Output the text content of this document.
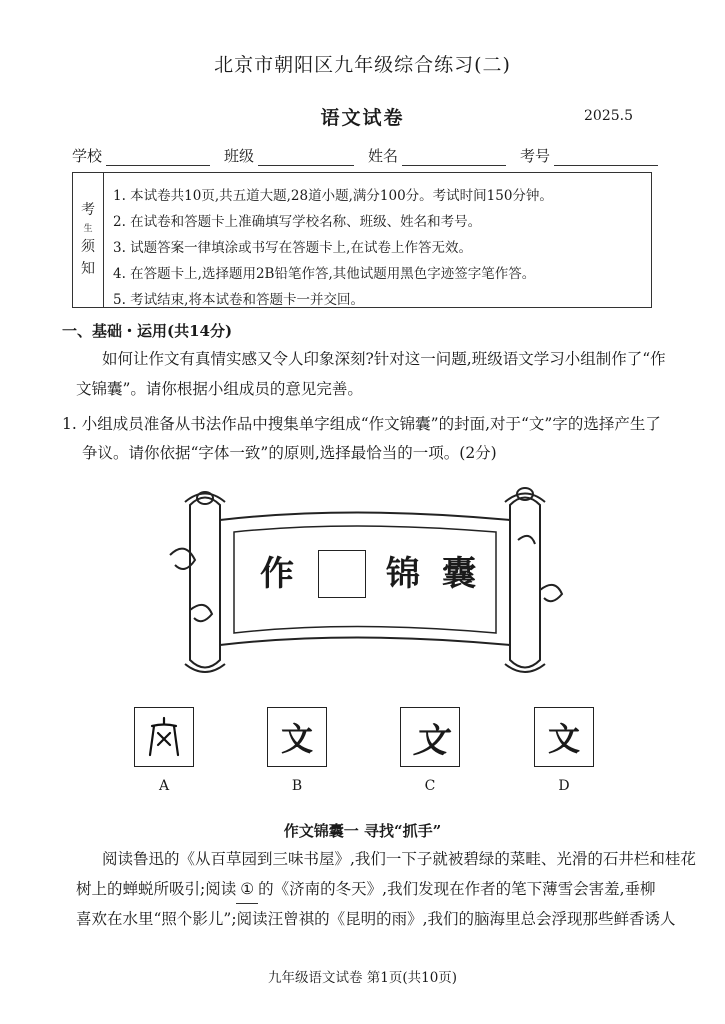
北京市朝阳区九年级综合练习(二)
语文试卷	2025.5
学校	班级	姓名	考号
考
生
须
知
1. 本试卷共10页,共五道大题,28道小题,满分100分。考试时间150分钟。
2. 在试卷和答题卡上准确填写学校名称、班级、姓名和考号。
3. 试题答案一律填涂或书写在答题卡上,在试卷上作答无效。
4. 在答题卡上,选择题用2B铅笔作答,其他试题用黑色字迹签字笔作答。
5. 考试结束,将本试卷和答题卡一并交回。
一、基础・运用(共14分)
如何让作文有真情实感又令人印象深刻?针对这一问题,班级语文学习小组制作了“作
文锦囊”。请你根据小组成员的意见完善。
1. 小组成员准备从书法作品中搜集单字组成“作文锦囊”的封面,对于“文”字的选择产生了
争议。请你依据“字体一致”的原则,选择最恰当的一项。(2分)
作	锦 囊
文	文	文
A	B	C	D
作文锦囊一 寻找“抓手”
阅读鲁迅的《从百草园到三味书屋》,我们一下子就被碧绿的菜畦、光滑的石井栏和桂花
树上的蝉蜕所吸引;阅读 ① 的《济南的冬天》,我们发现在作者的笔下薄雪会害羞,垂柳
喜欢在水里“照个影儿”;阅读汪曾祺的《昆明的雨》,我们的脑海里总会浮现那些鲜香诱人
九年级语文试卷 第1页(共10页)
